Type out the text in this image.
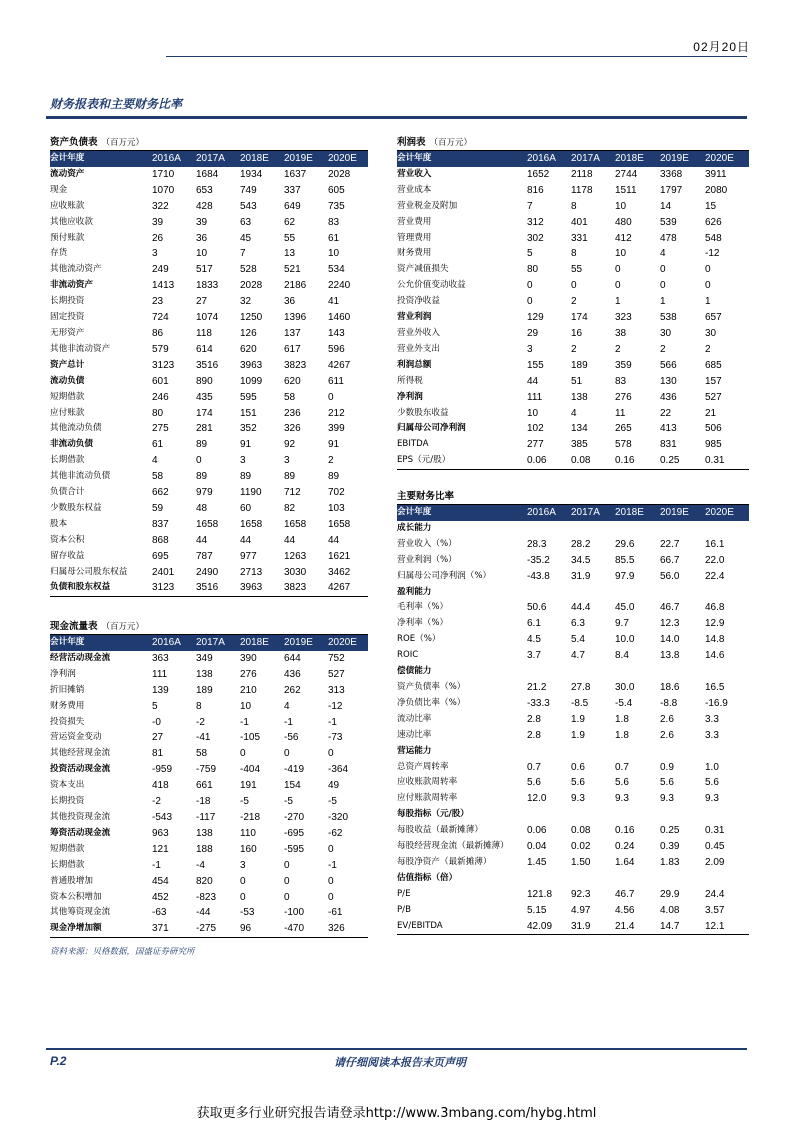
02月20日
财务报表和主要财务比率
资产负债表 （百万元）
会计年度	2016A	2017A	2018E	2019E	2020E
流动资产	1710	1684	1934	1637	2028
现金	1070	653	749	337	605
应收账款	322	428	543	649	735
其他应收款	39	39	63	62	83
预付账款	26	36	45	55	61
存货	3	10	7	13	10
其他流动资产	249	517	528	521	534
非流动资产	1413	1833	2028	2186	2240
长期投资	23	27	32	36	41
固定投资	724	1074	1250	1396	1460
无形资产	86	118	126	137	143
其他非流动资产	579	614	620	617	596
资产总计	3123	3516	3963	3823	4267
流动负债	601	890	1099	620	611
短期借款	246	435	595	58	0
应付账款	80	174	151	236	212
其他流动负债	275	281	352	326	399
非流动负债	61	89	91	92	91
长期借款	4	0	3	3	2
其他非流动负债	58	89	89	89	89
负债合计	662	979	1190	712	702
少数股东权益	59	48	60	82	103
股本	837	1658	1658	1658	1658
资本公积	868	44	44	44	44
留存收益	695	787	977	1263	1621
归属母公司股东权益	2401	2490	2713	3030	3462
负债和股东权益	3123	3516	3963	3823	4267
现金流量表 （百万元）
会计年度	2016A	2017A	2018E	2019E	2020E
经营活动现金流	363	349	390	644	752
净利润	111	138	276	436	527
折旧摊销	139	189	210	262	313
财务费用	5	8	10	4	-12
投资损失	-0	-2	-1	-1	-1
营运资金变动	27	-41	-105	-56	-73
其他经营现金流	81	58	0	0	0
投资活动现金流	-959	-759	-404	-419	-364
资本支出	418	661	191	154	49
长期投资	-2	-18	-5	-5	-5
其他投资现金流	-543	-117	-218	-270	-320
筹资活动现金流	963	138	110	-695	-62
短期借款	121	188	160	-595	0
长期借款	-1	-4	3	0	-1
普通股增加	454	820	0	0	0
资本公积增加	452	-823	0	0	0
其他筹资现金流	-63	-44	-53	-100	-61
现金净增加额	371	-275	96	-470	326
利润表 （百万元）
会计年度	2016A	2017A	2018E	2019E	2020E
营业收入	1652	2118	2744	3368	3911
营业成本	816	1178	1511	1797	2080
营业税金及附加	7	8	10	14	15
营业费用	312	401	480	539	626
管理费用	302	331	412	478	548
财务费用	5	8	10	4	-12
资产减值损失	80	55	0	0	0
公允价值变动收益	0	0	0	0	0
投资净收益	0	2	1	1	1
营业利润	129	174	323	538	657
营业外收入	29	16	38	30	30
营业外支出	3	2	2	2	2
利润总额	155	189	359	566	685
所得税	44	51	83	130	157
净利润	111	138	276	436	527
少数股东收益	10	4	11	22	21
归属母公司净利润	102	134	265	413	506
EBITDA	277	385	578	831	985
EPS（元/股）	0.06	0.08	0.16	0.25	0.31
主要财务比率
会计年度	2016A	2017A	2018E	2019E	2020E
成长能力					
营业收入（%）	28.3	28.2	29.6	22.7	16.1
营业利润（%）	-35.2	34.5	85.5	66.7	22.0
归属母公司净利润（%）	-43.8	31.9	97.9	56.0	22.4
盈利能力					
毛利率（%）	50.6	44.4	45.0	46.7	46.8
净利率（%）	6.1	6.3	9.7	12.3	12.9
ROE（%）	4.5	5.4	10.0	14.0	14.8
ROIC	3.7	4.7	8.4	13.8	14.6
偿债能力					
资产负债率（%）	21.2	27.8	30.0	18.6	16.5
净负债比率（%）	-33.3	-8.5	-5.4	-8.8	-16.9
流动比率	2.8	1.9	1.8	2.6	3.3
速动比率	2.8	1.9	1.8	2.6	3.3
营运能力					
总资产周转率	0.7	0.6	0.7	0.9	1.0
应收账款周转率	5.6	5.6	5.6	5.6	5.6
应付账款周转率	12.0	9.3	9.3	9.3	9.3
每股指标（元/股）					
每股收益（最新摊薄）	0.06	0.08	0.16	0.25	0.31
每股经营现金流（最新摊薄）	0.04	0.02	0.24	0.39	0.45
每股净资产（最新摊薄）	1.45	1.50	1.64	1.83	2.09
估值指标（倍）					
P/E	121.8	92.3	46.7	29.9	24.4
P/B	5.15	4.97	4.56	4.08	3.57
EV/EBITDA	42.09	31.9	21.4	14.7	12.1
资料来源：贝格数据，国盛证券研究所
P.2	请仔细阅读本报告末页声明
获取更多行业研究报告请登录http://www.3mbang.com/hybg.html
